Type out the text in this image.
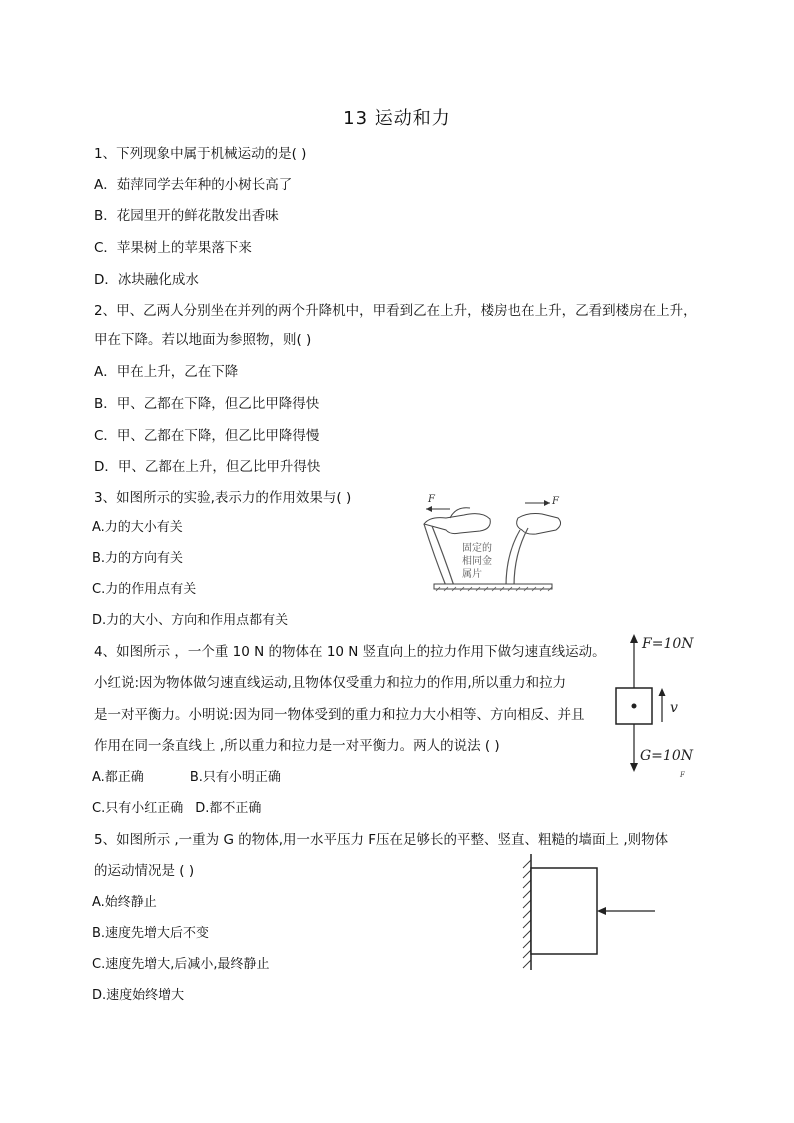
13 运动和力
1、下列现象中属于机械运动的是( )
A．茹萍同学去年种的小树长高了
B．花园里开的鲜花散发出香味
C．苹果树上的苹果落下来
D．冰块融化成水
2、甲、乙两人分别坐在并列的两个升降机中，甲看到乙在上升，楼房也在上升，乙看到楼房在上升，
甲在下降。若以地面为参照物，则( )
A．甲在上升，乙在下降
B．甲、乙都在下降，但乙比甲降得快
C．甲、乙都在下降，但乙比甲降得慢
D．甲、乙都在上升，但乙比甲升得快
3、如图所示的实验,表示力的作用效果与( )
A.力的大小有关
B.力的方向有关
C.力的作用点有关
D.力的大小、方向和作用点都有关
F	F
固定的
相同金
属片
4、如图所示 ，一个重 10 N 的物体在 10 N 竖直向上的拉力作用下做匀速直线运动。
小红说:因为物体做匀速直线运动,且物体仅受重力和拉力的作用,所以重力和拉力
是一对平衡力。小明说:因为同一物体受到的重力和拉力大小相等、方向相反、并且
作用在同一条直线上 ,所以重力和拉力是一对平衡力。两人的说法 ( )
A.都正确	B.只有小明正确
C.只有小红正确 D.都不正确
F=10N
G=10N
v
F
5、如图所示 ,一重为 G 的物体,用一水平压力 F压在足够长的平整、竖直、粗糙的墙面上 ,则物体
的运动情况是 ( )
A.始终静止
B.速度先增大后不变
C.速度先增大,后减小,最终静止
D.速度始终增大
